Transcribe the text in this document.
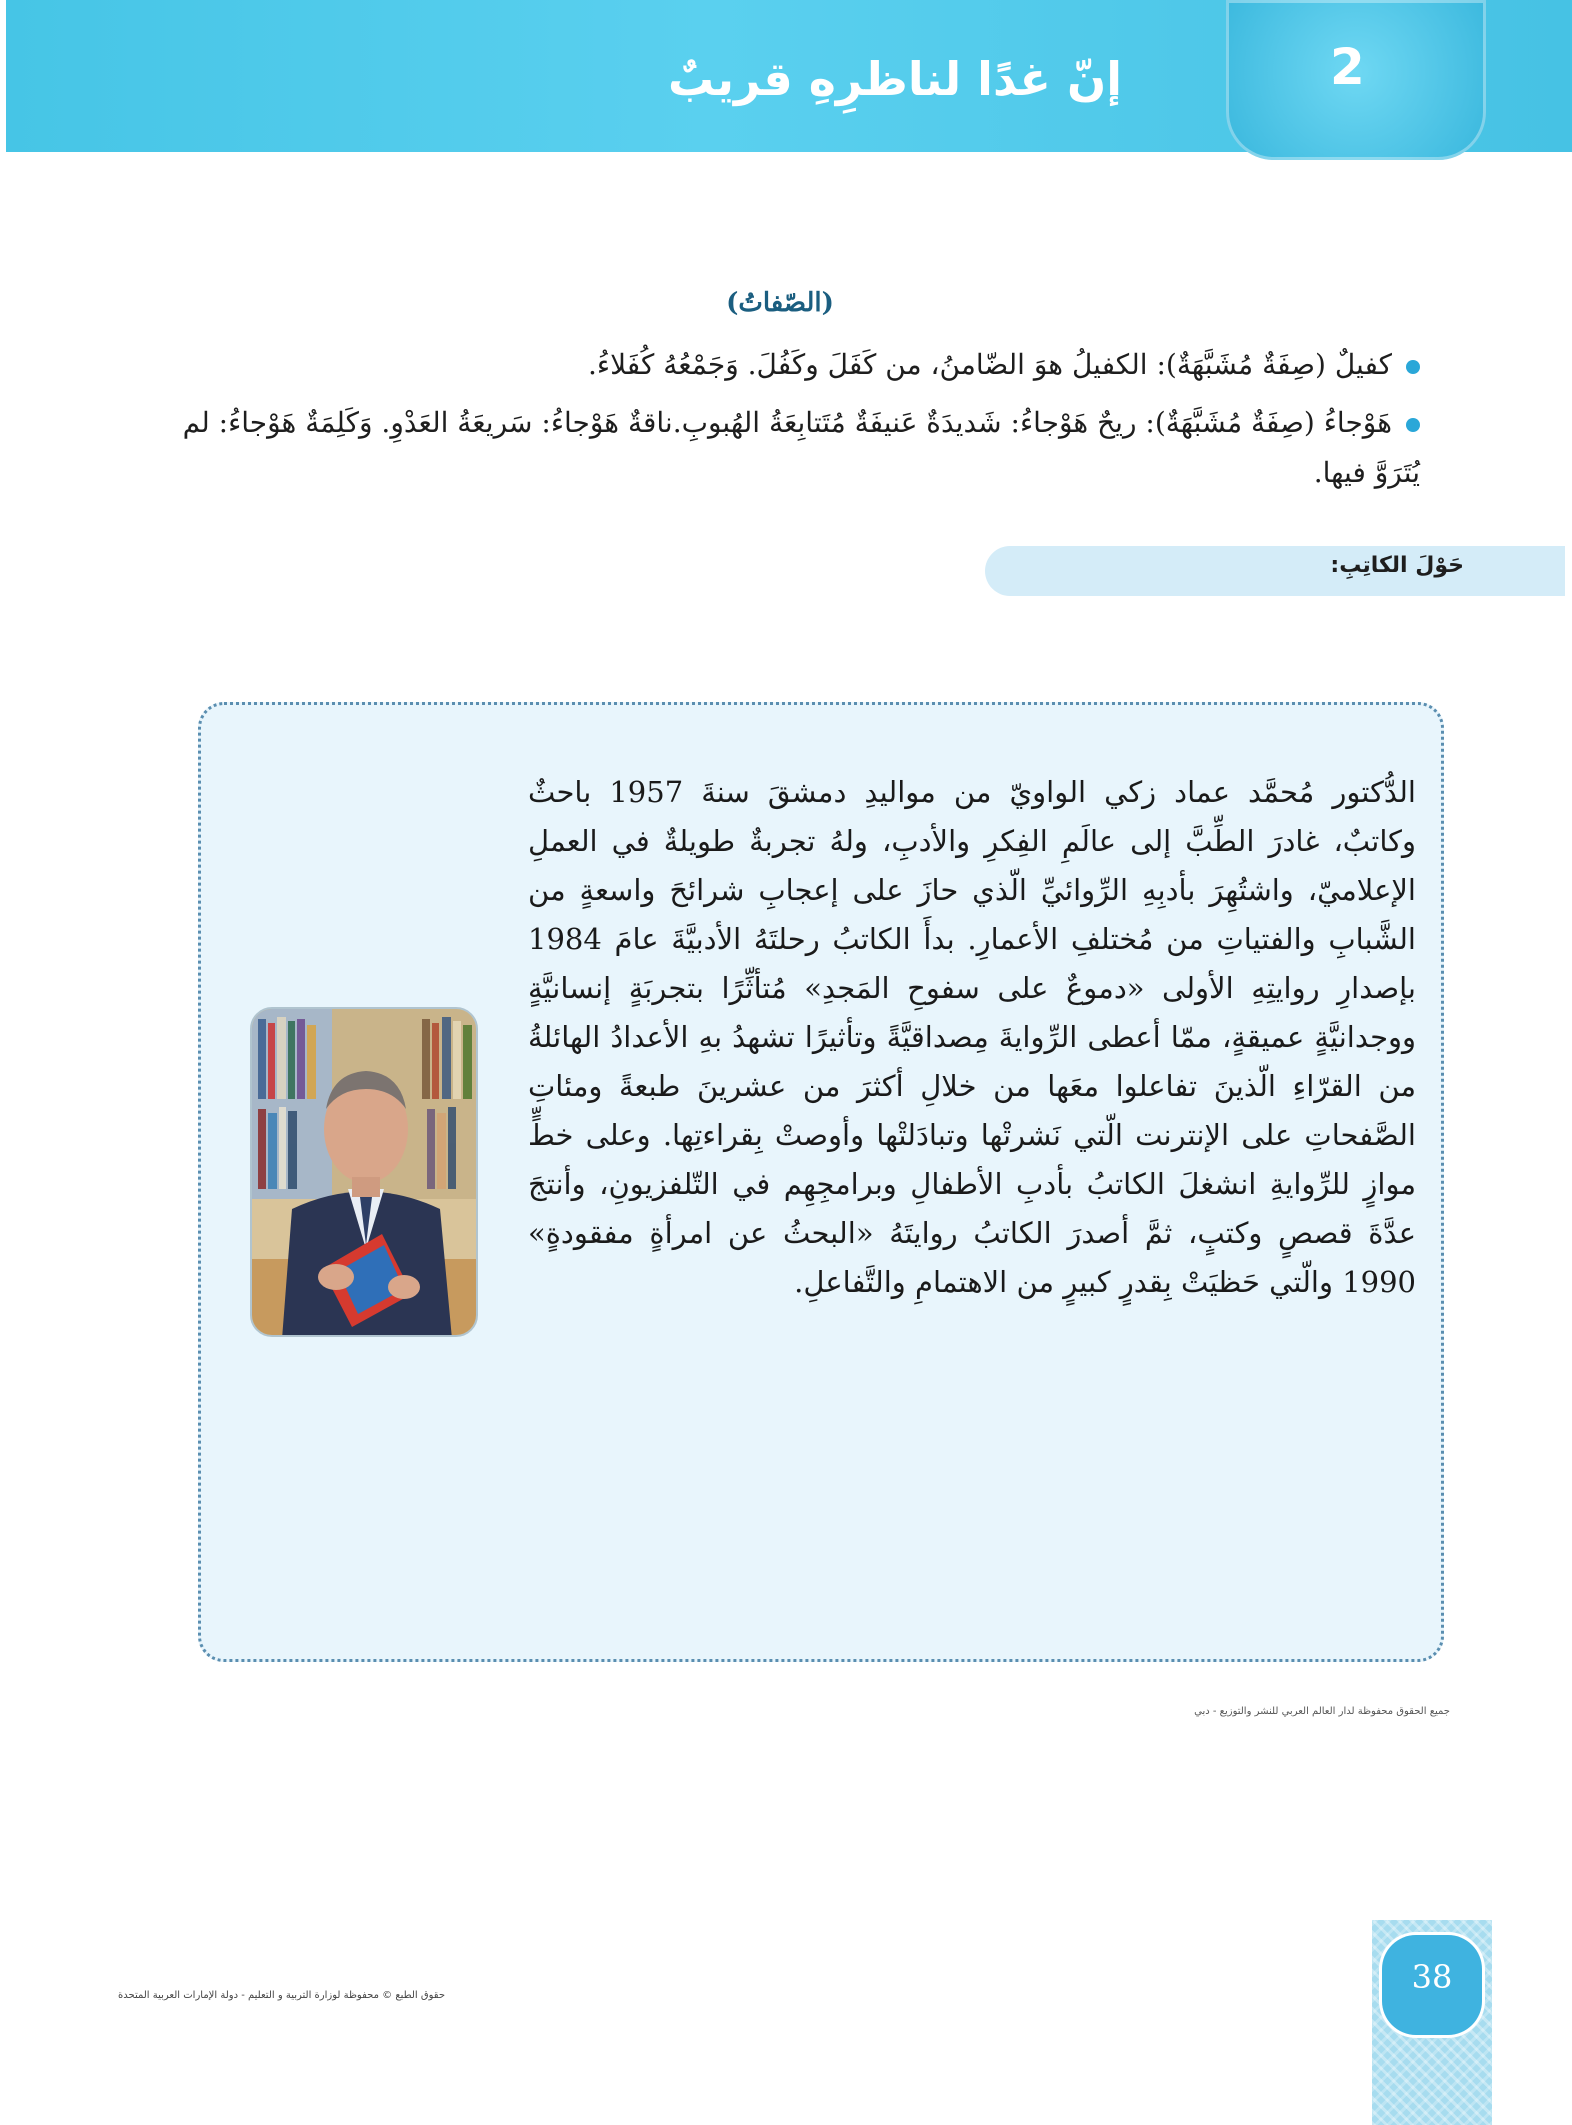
إنّ غدًا لناظرِهِ قريبٌ	2
(الصّفاتُ)
كفيلٌ (صِفَةٌ مُشَبَّهَةٌ): الكفيلُ هوَ الضّامنُ، من كَفَلَ وكَفُلَ. وَجَمْعُهُ كُفَلاءُ.
هَوْجاءُ (صِفَةٌ مُشَبَّهَةٌ): ريحٌ هَوْجاءُ: شَديدَةٌ عَنيفَةٌ مُتَتابِعَةُ الهُبوبِ.ناقةٌ هَوْجاءُ: سَريعَةُ العَدْوِ. وَكَلِمَةٌ هَوْجاءُ: لم يُتَرَوَّ فيها.
حَوْلَ الكاتِبِ:
الدُّكتور مُحمَّد عماد زكي الواويّ من مواليدِ دمشقَ سنةَ 1957 باحثٌ وكاتبٌ، غادرَ الطِّبَّ إلى عالَمِ الفِكرِ والأدبِ، ولهُ تجربةٌ طويلةٌ في العملِ الإعلاميّ، واشتُهِرَ بأدبِهِ الرِّوائيِّ الّذي حازَ على إعجابِ شرائحَ واسعةٍ من الشَّبابِ والفتياتِ من مُختلفِ الأعمارِ. بدأَ الكاتبُ رحلتَهُ الأدبيَّةَ عامَ 1984 بإصدارِ روايتِهِ الأولى «دموعٌ على سفوحِ المَجدِ» مُتأثِّرًا بتجربَةٍ إنسانيَّةٍ ووجدانيَّةٍ عميقةٍ، ممّا أعطى الرِّوايةَ مِصداقيَّةً وتأثيرًا تشهدُ بهِ الأعدادُ الهائلةُ من القرّاءِ الّذينَ تفاعلوا معَها من خلالِ أكثرَ من عشرينَ طبعةً ومئاتِ الصَّفحاتِ على الإنترنت الّتي نَشرتْها وتبادَلتْها وأوصتْ بِقراءتِها. وعلى خطٍّ موازٍ للرِّوايةِ انشغلَ الكاتبُ بأدبِ الأطفالِ وبرامجِهِم في التّلفزيونِ، وأنتجَ عدَّةَ قصصٍ وكتبٍ، ثمَّ أصدرَ الكاتبُ روايتَهُ «البحثُ عن امرأةٍ مفقودةٍ» 1990 والّتي حَظيَتْ بِقدرٍ كبيرٍ من الاهتمامِ والتَّفاعلِ.
جميع الحقوق محفوظة لدار العالم العربي للنشر والتوزيع - دبي
حقوق الطبع © محفوظة لوزارة التربية و التعليم - دولة الإمارات العربية المتحدة	38
